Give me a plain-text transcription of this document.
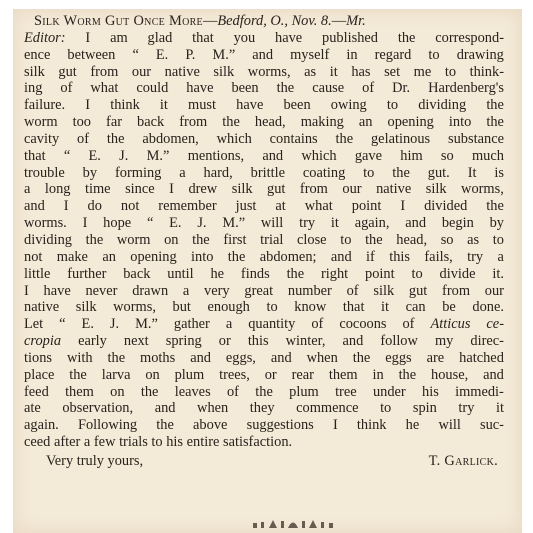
Silk Worm Gut Once More — Bedford, O., Nov. 8. — Mr.
Editor: I am glad that you have published the correspond-
ence between “ E. P. M.” and myself in regard to drawing
silk gut from our native silk worms, as it has set me to think-
ing of what could have been the cause of Dr. Hardenberg's
failure. I think it must have been owing to dividing the
worm too far back from the head, making an opening into the
cavity of the abdomen, which contains the gelatinous substance
that “ E. J. M.” mentions, and which gave him so much
trouble by forming a hard, brittle coating to the gut. It is
a long time since I drew silk gut from our native silk worms,
and I do not remember just at what point I divided the
worms. I hope “ E. J. M.” will try it again, and begin by
dividing the worm on the first trial close to the head, so as to
not make an opening into the abdomen; and if this fails, try a
little further back until he finds the right point to divide it.
I have never drawn a very great number of silk gut from our
native silk worms, but enough to know that it can be done.
Let “ E. J. M.” gather a quantity of cocoons of Atticus ce-
cropia early next spring or this winter, and follow my direc-
tions with the moths and eggs, and when the eggs are hatched
place the larva on plum trees, or rear them in the house, and
feed them on the leaves of the plum tree under his immedi-
ate observation, and when they commence to spin try it
again. Following the above suggestions I think he will suc-
ceed after a few trials to his entire satisfaction.
Very truly yours,	T. Garlick.
